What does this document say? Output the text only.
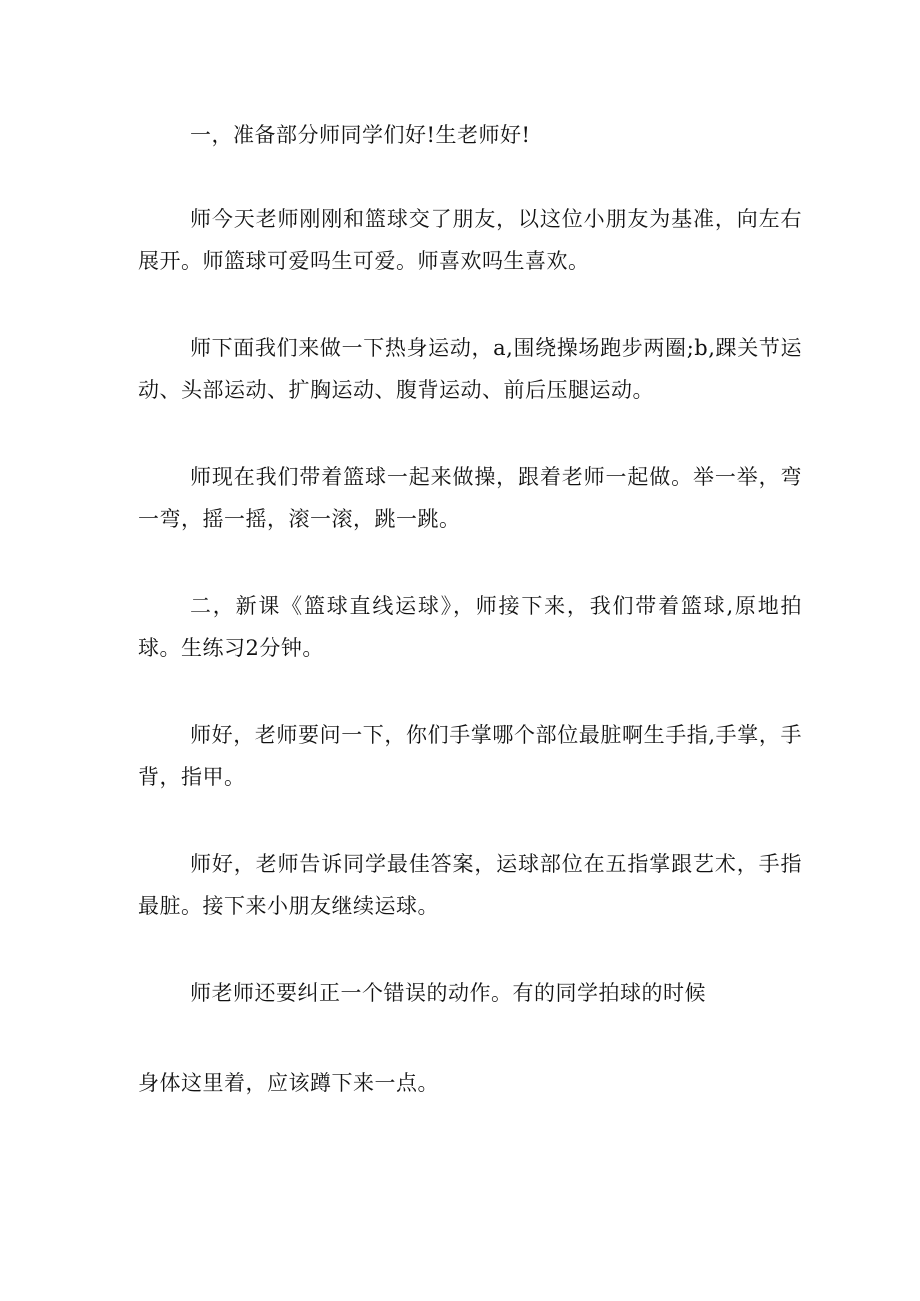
一，准备部分师同学们好!生老师好!

师今天老师刚刚和篮球交了朋友，以这位小朋友为基准，向左右展开。师篮球可爱吗生可爱。师喜欢吗生喜欢。

师下面我们来做一下热身运动，a,围绕操场跑步两圈;b,踝关节运动、头部运动、扩胸运动、腹背运动、前后压腿运动。

师现在我们带着篮球一起来做操，跟着老师一起做。举一举，弯一弯，摇一摇，滚一滚，跳一跳。

二，新课《篮球直线运球》，师接下来，我们带着篮球,原地拍球。生练习2分钟。

师好，老师要问一下，你们手掌哪个部位最脏啊生手指,手掌，手背，指甲。

师好，老师告诉同学最佳答案，运球部位在五指掌跟艺术，手指最脏。接下来小朋友继续运球。

师老师还要纠正一个错误的动作。有的同学拍球的时候

身体这里着，应该蹲下来一点。
